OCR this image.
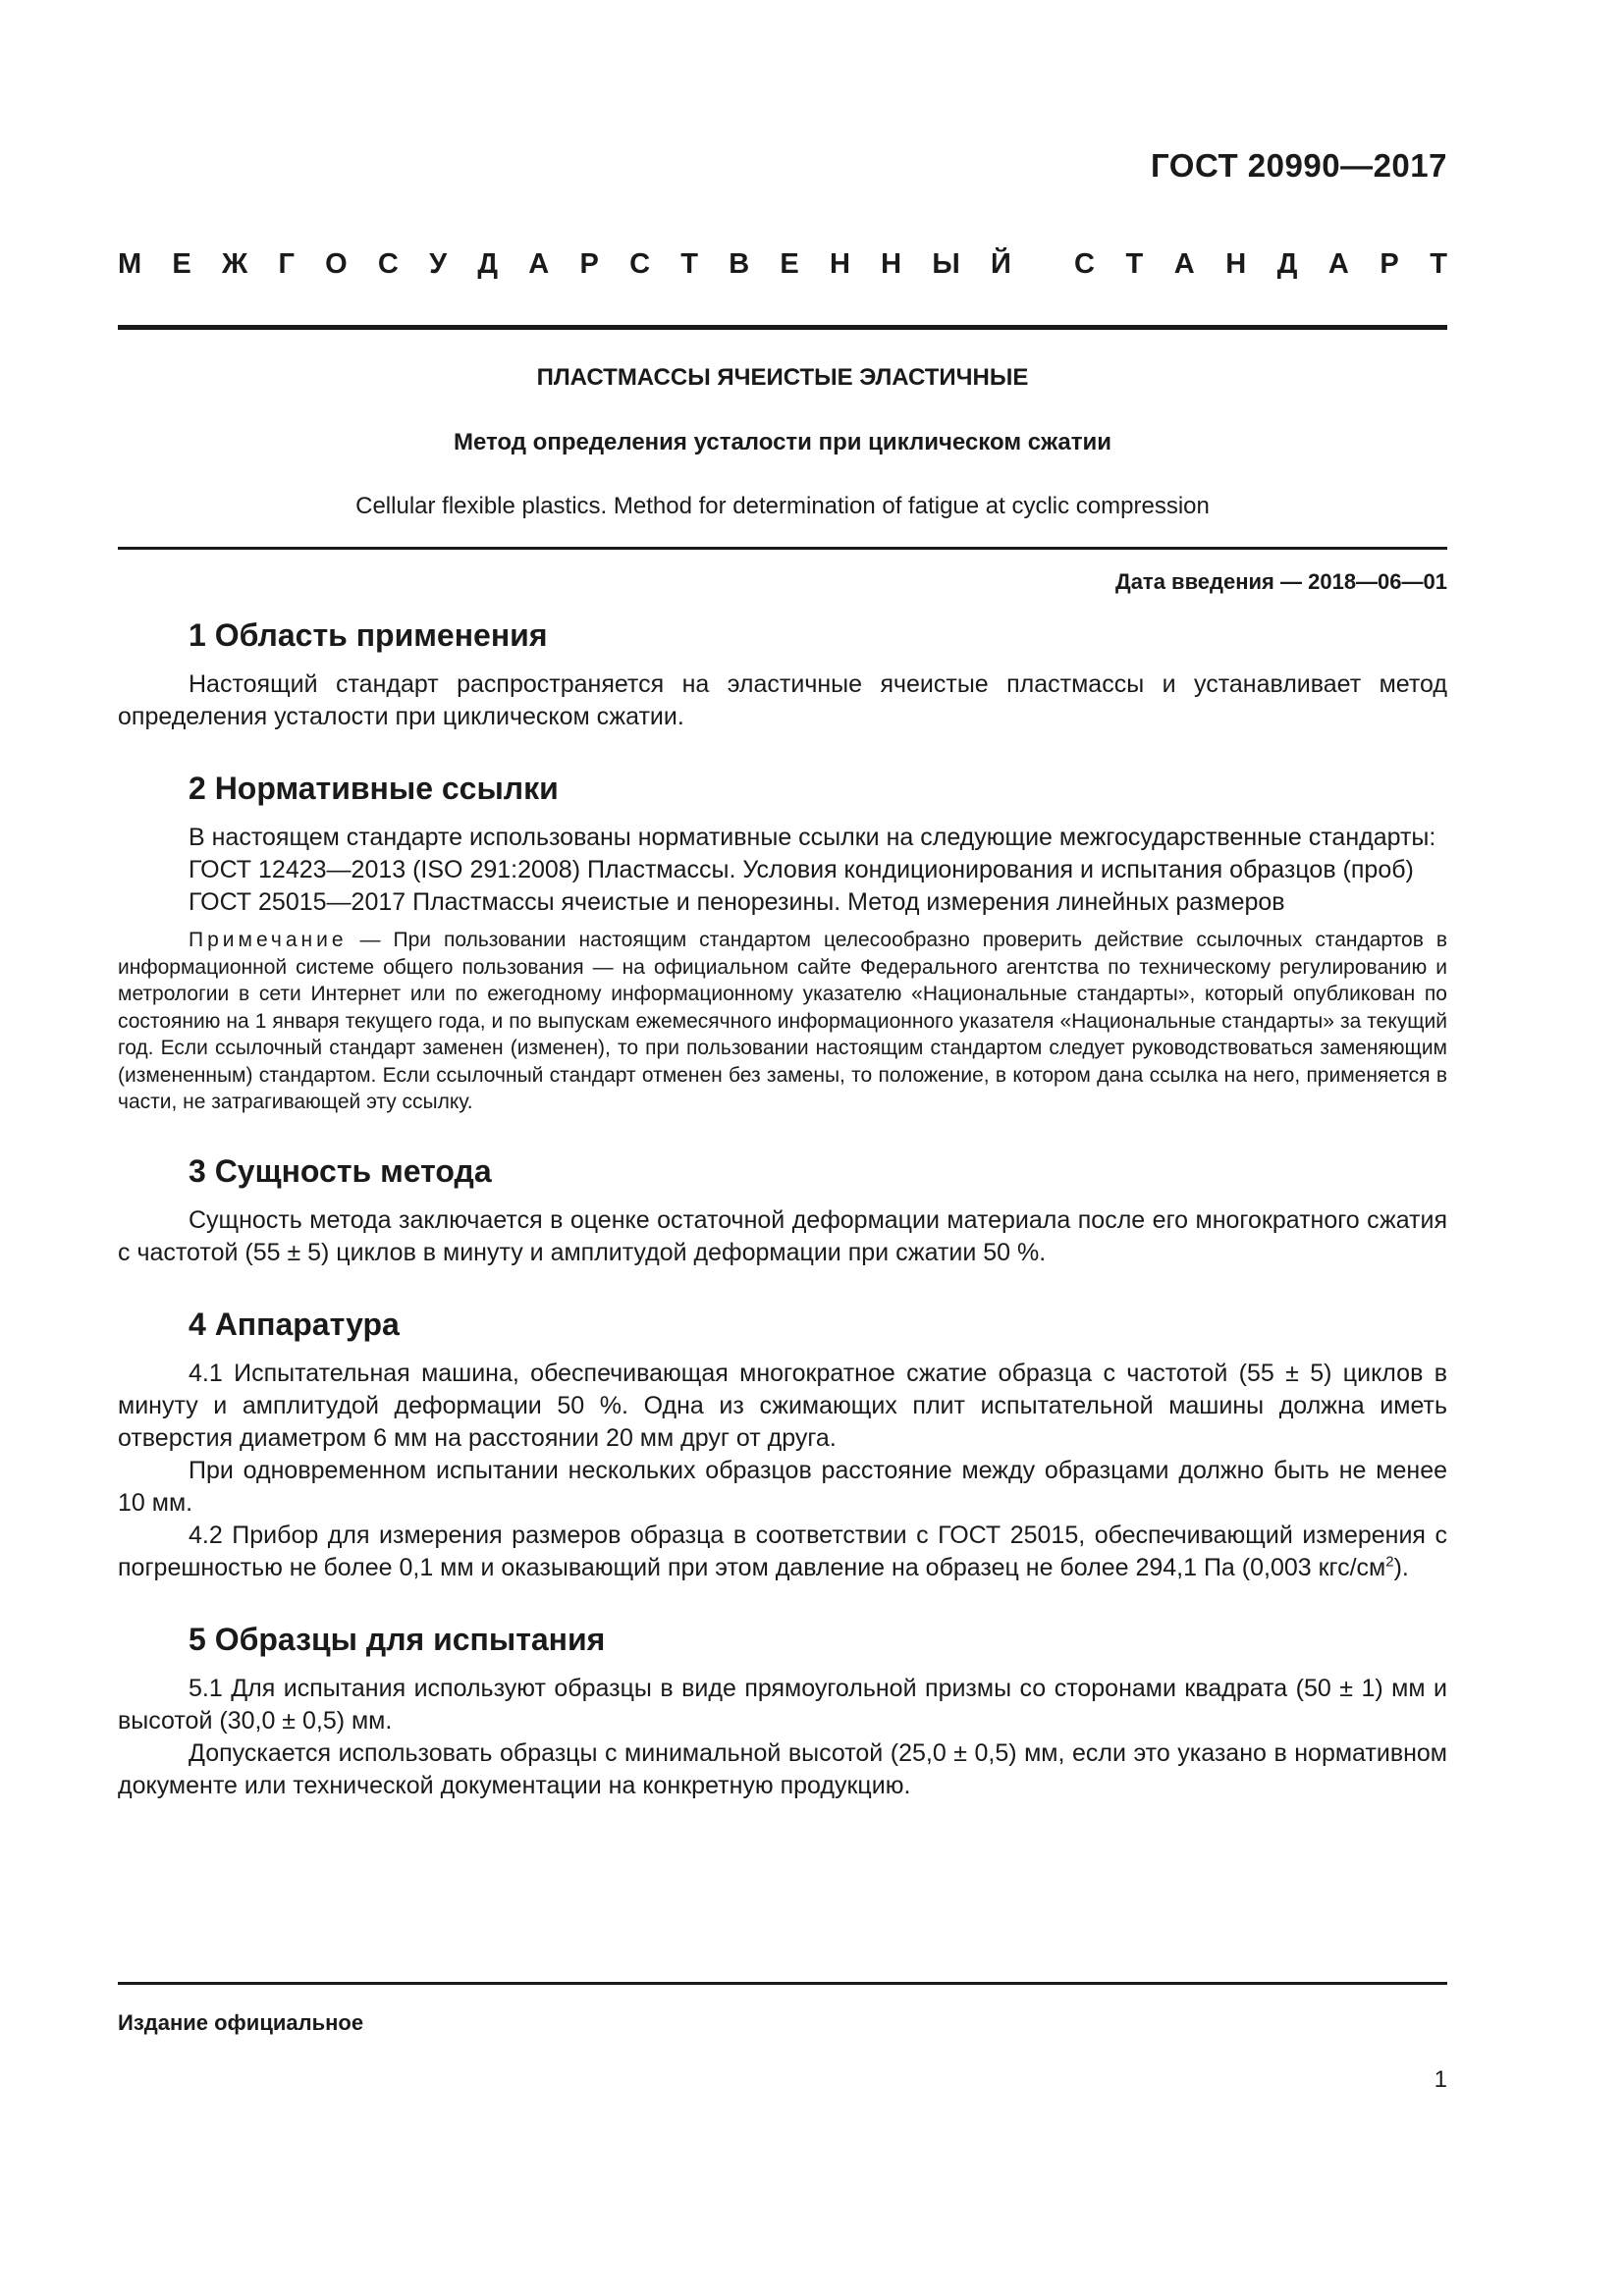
ГОСТ 20990—2017
М Е Ж Г О С У Д А Р С Т В Е Н Н Ы Й С Т А Н Д А Р Т
ПЛАСТМАССЫ ЯЧЕИСТЫЕ ЭЛАСТИЧНЫЕ
Метод определения усталости при циклическом сжатии
Cellular flexible plastics. Method for determination of fatigue at cyclic compression
Дата введения — 2018—06—01
1 Область применения

Настоящий стандарт распространяется на эластичные ячеистые пластмассы и устанавливает метод определения усталости при циклическом сжатии.

2 Нормативные ссылки

В настоящем стандарте использованы нормативные ссылки на следующие межгосударственные стандарты:

ГОСТ 12423—2013 (ISO 291:2008) Пластмассы. Условия кондиционирования и испытания образцов (проб)

ГОСТ 25015—2017 Пластмассы ячеистые и пенорезины. Метод измерения линейных размеров

Примечание — При пользовании настоящим стандартом целесообразно проверить действие ссылочных стандартов в информационной системе общего пользования — на официальном сайте Федерального агентства по техническому регулированию и метрологии в сети Интернет или по ежегодному информационному указателю «Национальные стандарты», который опубликован по состоянию на 1 января текущего года, и по выпускам ежемесячного информационного указателя «Национальные стандарты» за текущий год. Если ссылочный стандарт заменен (изменен), то при пользовании настоящим стандартом следует руководствоваться заменяющим (измененным) стандартом. Если ссылочный стандарт отменен без замены, то положение, в котором дана ссылка на него, применяется в части, не затрагивающей эту ссылку.

3 Сущность метода

Сущность метода заключается в оценке остаточной деформации материала после его многократного сжатия с частотой (55 ± 5) циклов в минуту и амплитудой деформации при сжатии 50 %.

4 Аппаратура

4.1 Испытательная машина, обеспечивающая многократное сжатие образца с частотой (55 ± 5) циклов в минуту и амплитудой деформации 50 %. Одна из сжимающих плит испытательной машины должна иметь отверстия диаметром 6 мм на расстоянии 20 мм друг от друга.

При одновременном испытании нескольких образцов расстояние между образцами должно быть не менее 10 мм.

4.2 Прибор для измерения размеров образца в соответствии с ГОСТ 25015, обеспечивающий измерения с погрешностью не более 0,1 мм и оказывающий при этом давление на образец не более 294,1 Па (0,003 кгс/$см^2$).

5 Образцы для испытания

5.1 Для испытания используют образцы в виде прямоугольной призмы со сторонами квадрата (50 ± 1) мм и высотой (30,0 ± 0,5) мм.

Допускается использовать образцы с минимальной высотой (25,0 ± 0,5) мм, если это указано в нормативном документе или технической документации на конкретную продукцию.

Издание официальное
1
